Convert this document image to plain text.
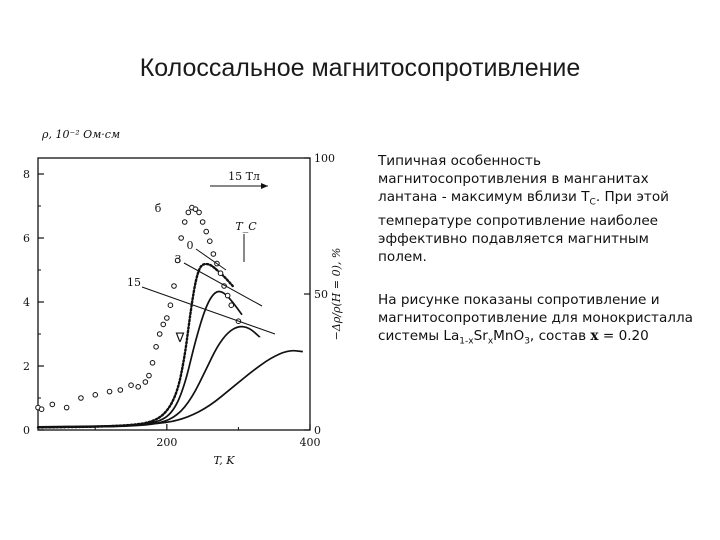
Колоссальное магнитосопротивление
0
2
4
6
8
0
50
100
200	400
ρ, 10⁻² Ом·см
T, K
−Δρ/ρ(H = 0), %
15 Тл
T_C
б
0
3
15
∇
Типичная особенность магнитосопротивления в манганитах лантана - максимум вблизи $T_C$. При этой температуре сопротивление наиболее эффективно подавляется магнитным полем.
На рисунке показаны сопротивление и магнитосопротивление для монокристалла системы $La_{1-x}Sr_xMnO_3$, состав x = 0.20
